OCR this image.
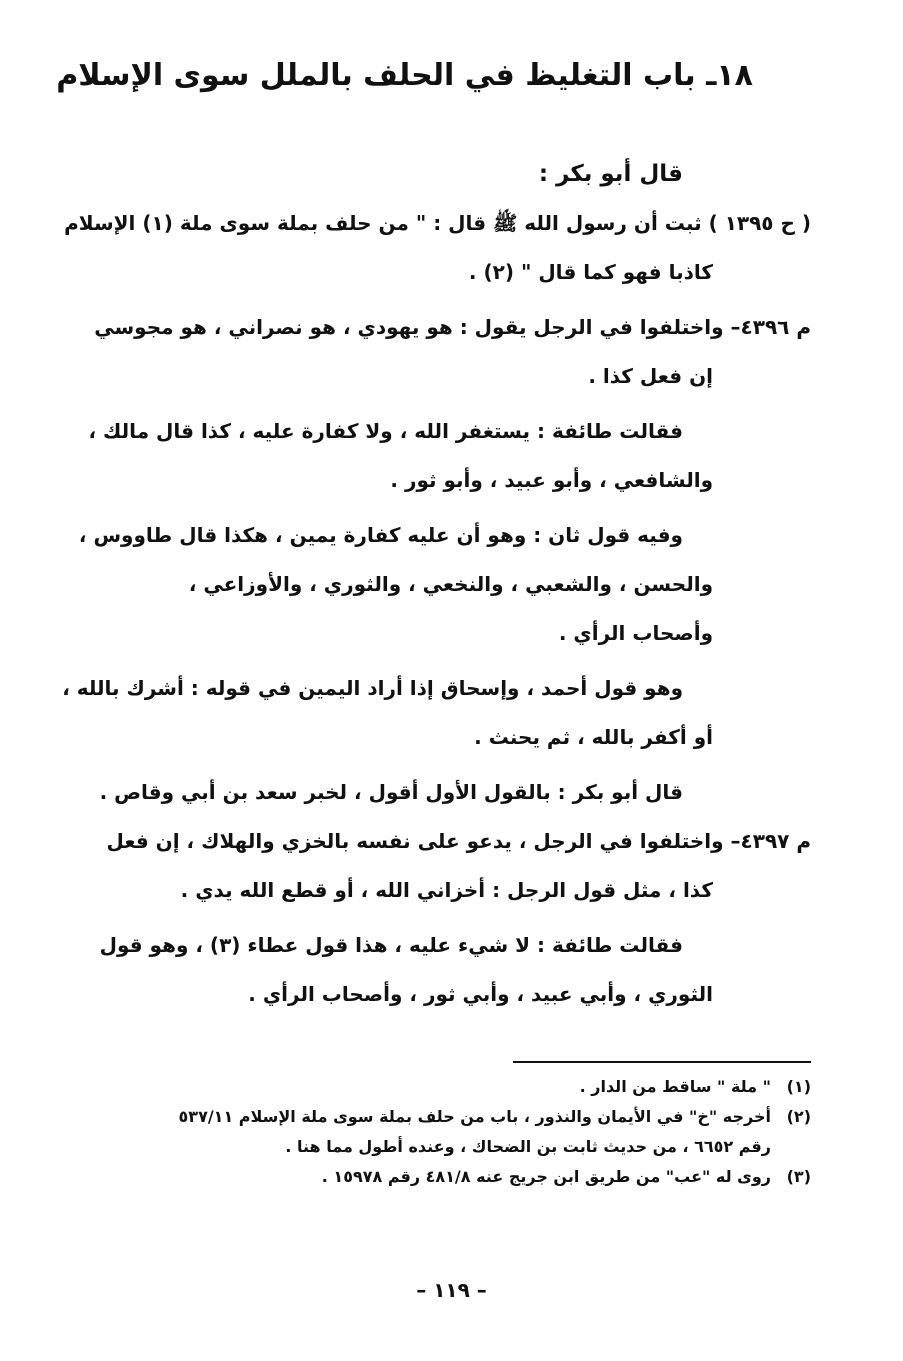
١٨ـ باب التغليظ في الحلف بالملل سوى الإسلام
قال أبو بكر :
( ح ١٣٩٥ ) ثبت أن رسول الله ﷺ قال : " من حلف بملة سوى ملة (١) الإسلام
كاذبا فهو كما قال " (٢) .
م ٤٣٩٦– واختلفوا في الرجل يقول : هو يهودي ، هو نصراني ، هو مجوسي
إن فعل كذا .
فقالت طائفة : يستغفر الله ، ولا كفارة عليه ، كذا قال مالك ،
والشافعي ، وأبو عبيد ، وأبو ثور .
وفيه قول ثان : وهو أن عليه كفارة يمين ، هكذا قال طاووس ،
والحسن ، والشعبي ، والنخعي ، والثوري ، والأوزاعي ،
وأصحاب الرأي .
وهو قول أحمد ، وإسحاق إذا أراد اليمين في قوله : أشرك بالله ،
أو أكفر بالله ، ثم يحنث .
قال أبو بكر : بالقول الأول أقول ، لخبر سعد بن أبي وقاص .
م ٤٣٩٧– واختلفوا في الرجل ، يدعو على نفسه بالخزي والهلاك ، إن فعل
كذا ، مثل قول الرجل : أخزاني الله ، أو قطع الله يدي .
فقالت طائفة : لا شيء عليه ، هذا قول عطاء (٣) ، وهو قول
الثوري ، وأبي عبيد ، وأبي ثور ، وأصحاب الرأي .
(١)" ملة " ساقط من الدار .
(٢)أخرجه "خ" في الأيمان والنذور ، باب من حلف بملة سوى ملة الإسلام ٥٣٧/١١
رقم ٦٦٥٢ ، من حديث ثابت بن الضحاك ، وعنده أطول مما هنا .
(٣)روى له "عب" من طريق ابن جريج عنه ٤٨١/٨ رقم ١٥٩٧٨ .
– ١١٩ –
